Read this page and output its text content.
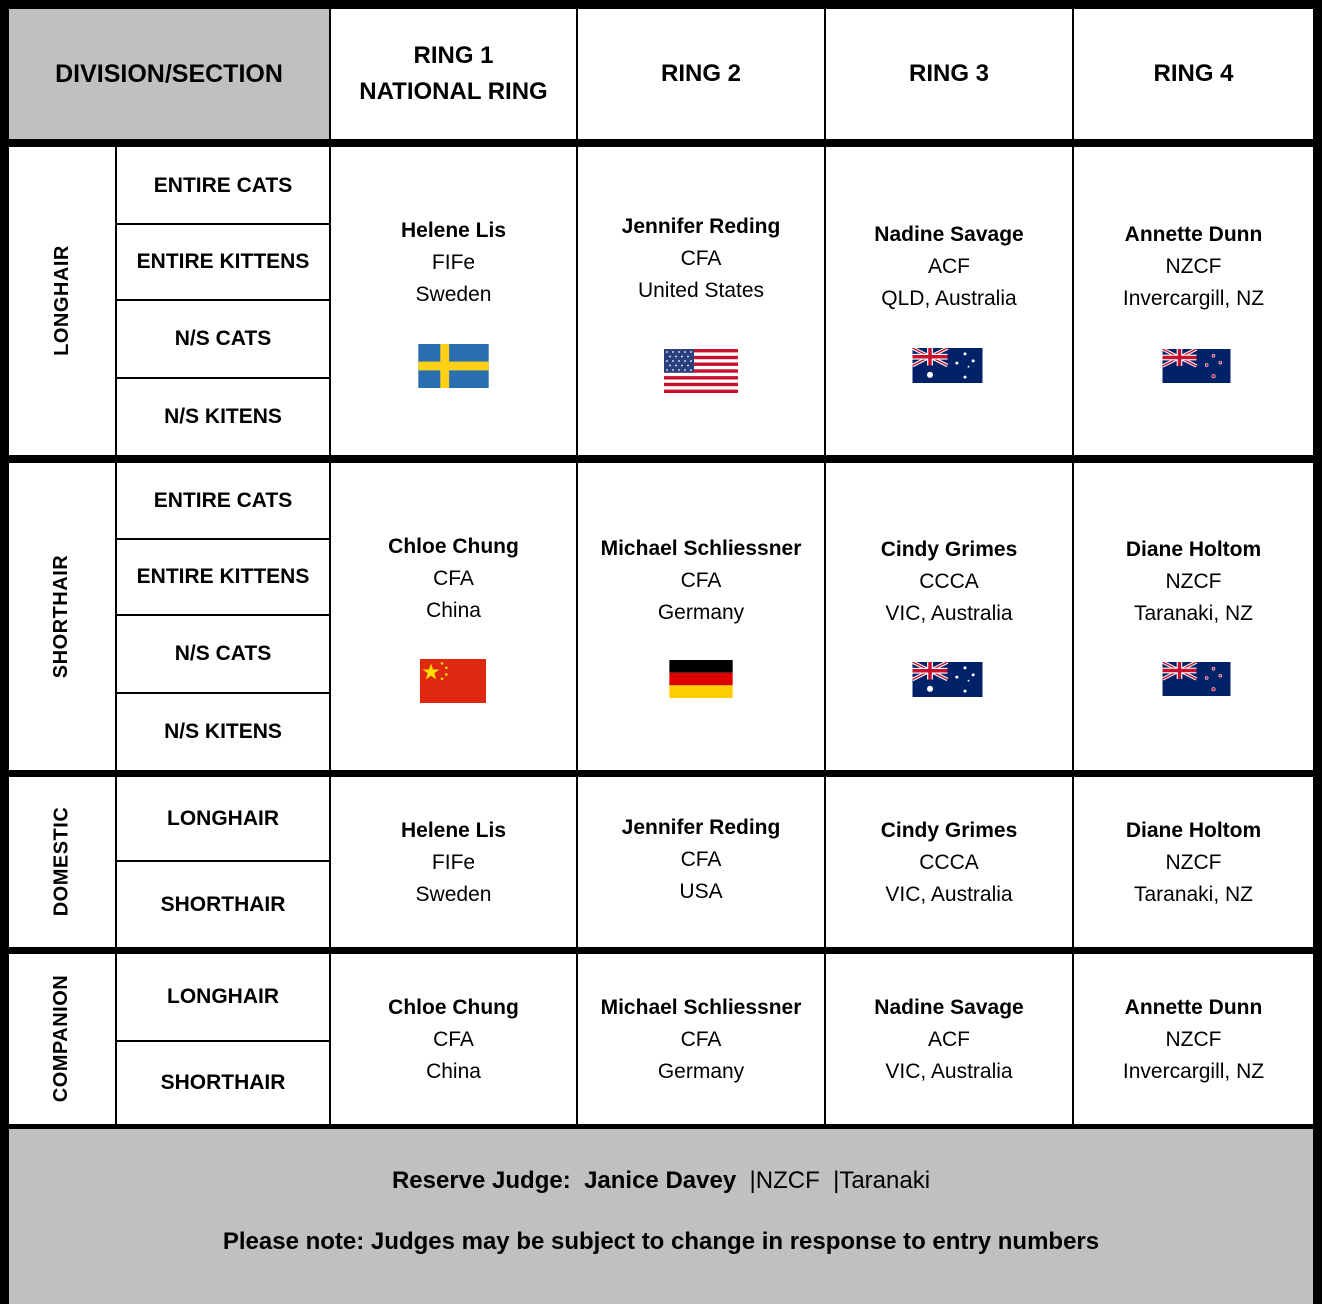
DIVISION/SECTION
RING 1
NATIONAL RING
RING 2	RING 3	RING 4
LONGHAIR
SHORTHAIR
DOMESTIC
COMPANION
ENTIRE CATS
ENTIRE KITTENS
N/S CATS
N/S KITENS
ENTIRE CATS
ENTIRE KITTENS
N/S CATS
N/S KITENS
LONGHAIR
SHORTHAIR
LONGHAIR
SHORTHAIR
Helene Lis
FIFe
Sweden
Jennifer Reding
CFA
United States
Nadine Savage
ACF
QLD, Australia
Annette Dunn
NZCF
Invercargill, NZ
Chloe Chung
CFA
China
Michael Schliessner
CFA
Germany
Cindy Grimes
CCCA
VIC, Australia
Diane Holtom
NZCF
Taranaki, NZ
Helene Lis
FIFe
Sweden
Jennifer Reding
CFA
USA
Cindy Grimes
CCCA
VIC, Australia
Diane Holtom
NZCF
Taranaki, NZ
Chloe Chung
CFA
China
Michael Schliessner
CFA
Germany
Nadine Savage
ACF
VIC, Australia
Annette Dunn
NZCF
Invercargill, NZ
Reserve Judge: Janice Davey |NZCF |Taranaki
Please note: Judges may be subject to change in response to entry numbers
